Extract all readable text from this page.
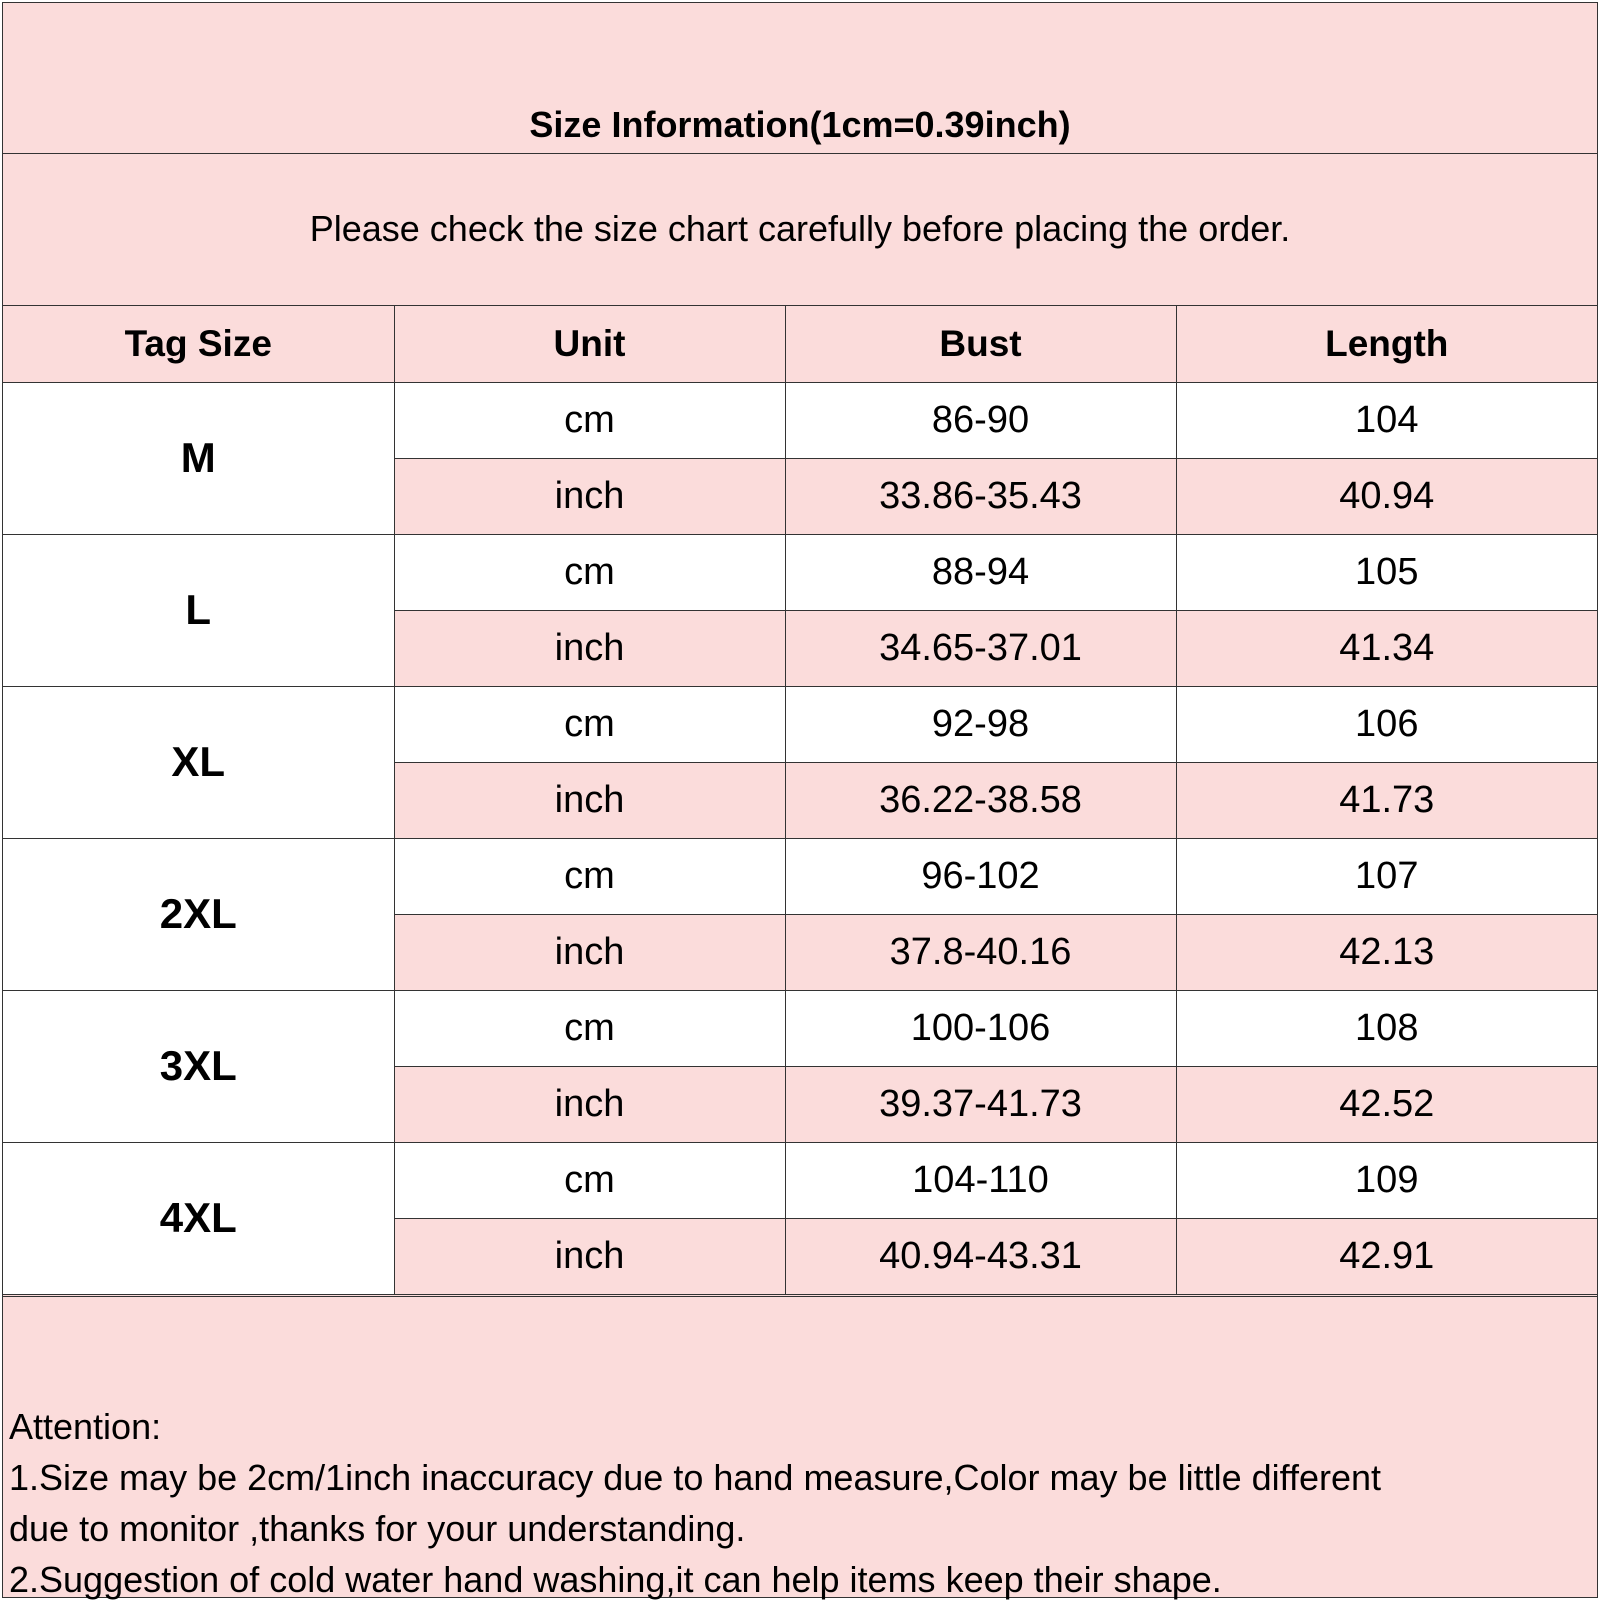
Size Information(1cm=0.39inch)
Please check the size chart carefully before placing the order.
Tag Size	Unit	Bust	Length
M	cm	86-90	104
	inch	33.86-35.43	40.94
L	cm	88-94	105
	inch	34.65-37.01	41.34
XL	cm	92-98	106
	inch	36.22-38.58	41.73
2XL	cm	96-102	107
	inch	37.8-40.16	42.13
3XL	cm	100-106	108
	inch	39.37-41.73	42.52
4XL	cm	104-110	109
	inch	40.94-43.31	42.91
Attention:
1.Size may be 2cm/1inch inaccuracy due to hand measure,Color may be little different
due to monitor ,thanks for your understanding.
2.Suggestion of cold water hand washing,it can help items keep their shape.
